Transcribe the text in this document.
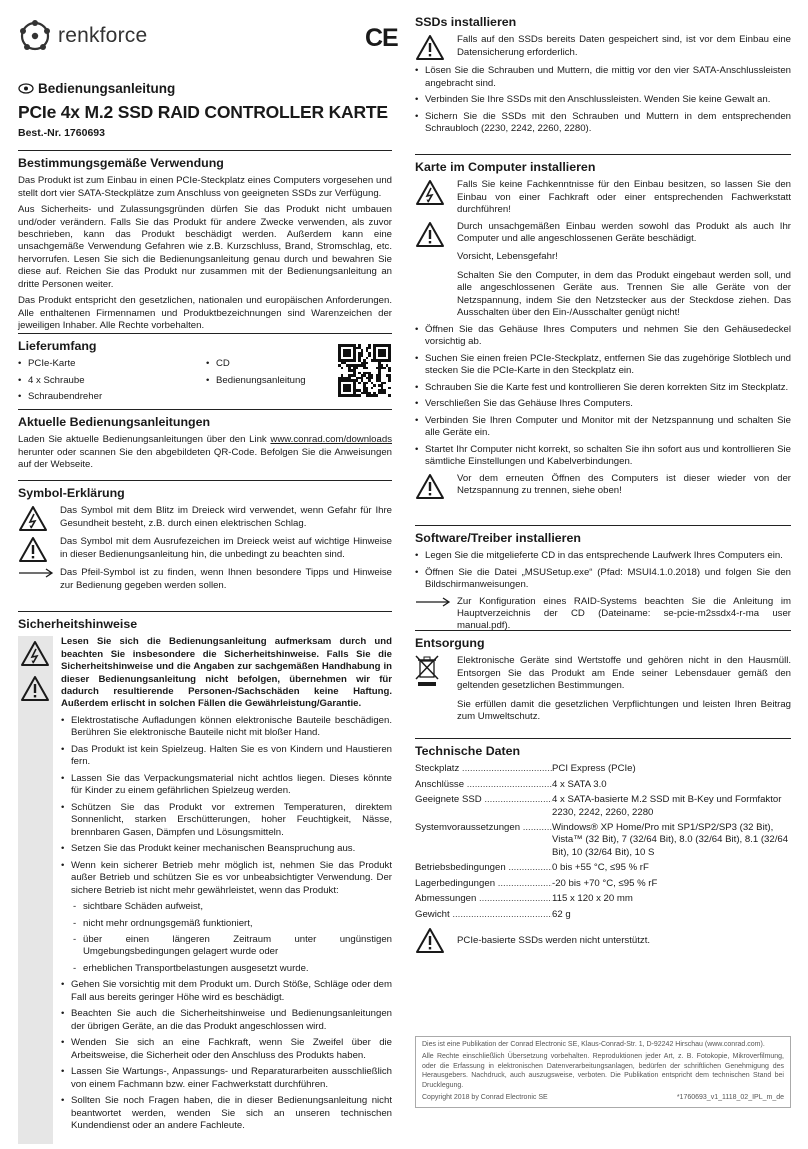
renkforce
Bedienungsanleitung
PCIe 4x M.2 SSD RAID CONTROLLER KARTE
Best.-Nr. 1760693
Bestimmungsgemäße Verwendung

Das Produkt ist zum Einbau in einen PCIe-Steckplatz eines Computers vorgesehen und stellt dort vier SATA-Steckplätze zum Anschluss von geeigneten SSDs zur Verfügung.

Aus Sicherheits- und Zulassungsgründen dürfen Sie das Produkt nicht umbauen und/oder verändern. Falls Sie das Produkt für andere Zwecke verwenden, als zuvor beschrieben, kann das Produkt beschädigt werden. Außerdem kann eine unsachgemäße Verwendung Gefahren wie z.B. Kurzschluss, Brand, Stromschlag, etc. hervorrufen. Lesen Sie sich die Bedienungsanleitung genau durch und bewahren Sie diese auf. Reichen Sie das Produkt nur zusammen mit der Bedienungsanleitung an dritte Personen weiter.

Das Produkt entspricht den gesetzlichen, nationalen und europäischen Anforderungen. Alle enthaltenen Firmennamen und Produktbezeichnungen sind Warenzeichen der jeweiligen Inhaber. Alle Rechte vorbehalten.

Lieferumfang
• PCIe-Karte
• 4 x Schraube
• Schraubendreher
• CD
• Bedienungsanleitung
Aktuelle Bedienungsanleitungen

Laden Sie aktuelle Bedienungsanleitungen über den Link www.conrad.com/downloads herunter oder scannen Sie den abgebildeten QR-Code. Befolgen Sie die Anweisungen auf der Webseite.

Symbol-Erklärung
Das Symbol mit dem Blitz im Dreieck wird verwendet, wenn Gefahr für Ihre Gesundheit besteht, z.B. durch einen elektrischen Schlag.
Das Symbol mit dem Ausrufezeichen im Dreieck weist auf wichtige Hinweise in dieser Bedienungsanleitung hin, die unbedingt zu beachten sind.
Das Pfeil-Symbol ist zu finden, wenn Ihnen besondere Tipps und Hinweise zur Bedienung gegeben werden sollen.
Sicherheitshinweise

Lesen Sie sich die Bedienungsanleitung aufmerksam durch und beachten Sie insbesondere die Sicherheitshinweise. Falls Sie die Sicherheitshinweise und die Angaben zur sachgemäßen Handhabung in dieser Bedienungsanleitung nicht befolgen, übernehmen wir für dadurch resultierende Personen-/Sachschäden keine Haftung. Außerdem erlischt in solchen Fällen die Gewährleistung/Garantie.

• Elektrostatische Aufladungen können elektronische Bauteile beschädigen. Berühren Sie elektronische Bauteile nicht mit bloßer Hand.
• Das Produkt ist kein Spielzeug. Halten Sie es von Kindern und Haustieren fern.
• Lassen Sie das Verpackungsmaterial nicht achtlos liegen. Dieses könnte für Kinder zu einem gefährlichen Spielzeug werden.
• Schützen Sie das Produkt vor extremen Temperaturen, direktem Sonnenlicht, starken Erschütterungen, hoher Feuchtigkeit, Nässe, brennbaren Gasen, Dämpfen und Lösungsmitteln.
• Setzen Sie das Produkt keiner mechanischen Beanspruchung aus.
• Wenn kein sicherer Betrieb mehr möglich ist, nehmen Sie das Produkt außer Betrieb und schützen Sie es vor unbeabsichtigter Verwendung. Der sichere Betrieb ist nicht mehr gewährleistet, wenn das Produkt:
- sichtbare Schäden aufweist,
- nicht mehr ordnungsgemäß funktioniert,
- über einen längeren Zeitraum unter ungünstigen Umgebungsbedingungen gelagert wurde oder
- erheblichen Transportbelastungen ausgesetzt wurde.
• Gehen Sie vorsichtig mit dem Produkt um. Durch Stöße, Schläge oder dem Fall aus bereits geringer Höhe wird es beschädigt.
• Beachten Sie auch die Sicherheitshinweise und Bedienungsanleitungen der übrigen Geräte, an die das Produkt angeschlossen wird.
• Wenden Sie sich an eine Fachkraft, wenn Sie Zweifel über die Arbeitsweise, die Sicherheit oder den Anschluss des Produkts haben.
• Lassen Sie Wartungs-, Anpassungs- und Reparaturarbeiten ausschließlich von einem Fachmann bzw. einer Fachwerkstatt durchführen.
• Sollten Sie noch Fragen haben, die in dieser Bedienungsanleitung nicht beantwortet werden, wenden Sie sich an unseren technischen Kundendienst oder an andere Fachleute.
CE
SSDs installieren
Falls auf den SSDs bereits Daten gespeichert sind, ist vor dem Einbau eine Datensicherung erforderlich.
• Lösen Sie die Schrauben und Muttern, die mittig vor den vier SATA-Anschlussleisten angebracht sind.
• Verbinden Sie Ihre SSDs mit den Anschlussleisten. Wenden Sie keine Gewalt an.
• Sichern Sie die SSDs mit den Schrauben und Muttern in dem entsprechenden Schraubloch (2230, 2242, 2260, 2280).
Karte im Computer installieren
Falls Sie keine Fachkenntnisse für den Einbau besitzen, so lassen Sie den Einbau von einer Fachkraft oder einer entsprechenden Fachwerkstatt durchführen!

Durch unsachgemäßen Einbau werden sowohl das Produkt als auch Ihr Computer und alle angeschlossenen Geräte beschädigt.

Vorsicht, Lebensgefahr!

Schalten Sie den Computer, in dem das Produkt eingebaut werden soll, und alle angeschlossenen Geräte aus. Trennen Sie alle Geräte von der Netzspannung, indem Sie den Netzstecker aus der Steckdose ziehen. Das Ausschalten über den Ein-/Ausschalter genügt nicht!

• Öffnen Sie das Gehäuse Ihres Computers und nehmen Sie den Gehäusedeckel vorsichtig ab.
• Suchen Sie einen freien PCIe-Steckplatz, entfernen Sie das zugehörige Slotblech und stecken Sie die PCIe-Karte in den Steckplatz ein.
• Schrauben Sie die Karte fest und kontrollieren Sie deren korrekten Sitz im Steckplatz.
• Verschließen Sie das Gehäuse Ihres Computers.
• Verbinden Sie Ihren Computer und Monitor mit der Netzspannung und schalten Sie alle Geräte ein.
• Startet Ihr Computer nicht korrekt, so schalten Sie ihn sofort aus und kontrollieren Sie sämtliche Einstellungen und Kabelverbindungen.
Vor dem erneuten Öffnen des Computers ist dieser wieder von der Netzspannung zu trennen, siehe oben!
Software/Treiber installieren
• Legen Sie die mitgelieferte CD in das entsprechende Laufwerk Ihres Computers ein.
• Öffnen Sie die Datei „MSUSetup.exe“ (Pfad: MSUI4.1.0.2018) und folgen Sie den Bildschirmanweisungen.
Zur Konfiguration eines RAID-Systems beachten Sie die Anleitung im Hauptverzeichnis der CD (Dateiname: se-pcie-m2ssdx4-r-ma user manual.pdf).
Entsorgung

Elektronische Geräte sind Wertstoffe und gehören nicht in den Hausmüll. Entsorgen Sie das Produkt am Ende seiner Lebensdauer gemäß den geltenden gesetzlichen Bestimmungen.

Sie erfüllen damit die gesetzlichen Verpflichtungen und leisten Ihren Beitrag zum Umweltschutz.

Technische Daten
Steckplatz .....	PCI Express (PCIe)
Anschlüsse .....	4 x SATA 3.0
Geeignete SSD .....	4 x SATA-basierte M.2 SSD mit B-Key und Formfaktor 2230, 2242, 2260, 2280
Systemvoraussetzungen .....	Windows® XP Home/Pro mit SP1/SP2/SP3 (32 Bit), Vista™ (32 Bit), 7 (32/64 Bit), 8.0 (32/64 Bit), 8.1 (32/64 Bit), 10 (32/64 Bit), 10 S
Betriebsbedingungen .....	0 bis +55 °C, ≤95 % rF
Lagerbedingungen .....	-20 bis +70 °C, ≤95 % rF
Abmessungen .....	115 x 120 x 20 mm
Gewicht .....	62 g
PCIe-basierte SSDs werden nicht unterstützt.

Dies ist eine Publikation der Conrad Electronic SE, Klaus-Conrad-Str. 1, D-92242 Hirschau (www.conrad.com).

Alle Rechte einschließlich Übersetzung vorbehalten. Reproduktionen jeder Art, z. B. Fotokopie, Mikroverfilmung, oder die Erfassung in elektronischen Datenverarbeitungsanlagen, bedürfen der schriftlichen Genehmigung des Herausgebers. Nachdruck, auch auszugsweise, verboten. Die Publikation entspricht dem technischen Stand bei Drucklegung.

Copyright 2018 by Conrad Electronic SE	*1760693_v1_1118_02_IPL_m_de
